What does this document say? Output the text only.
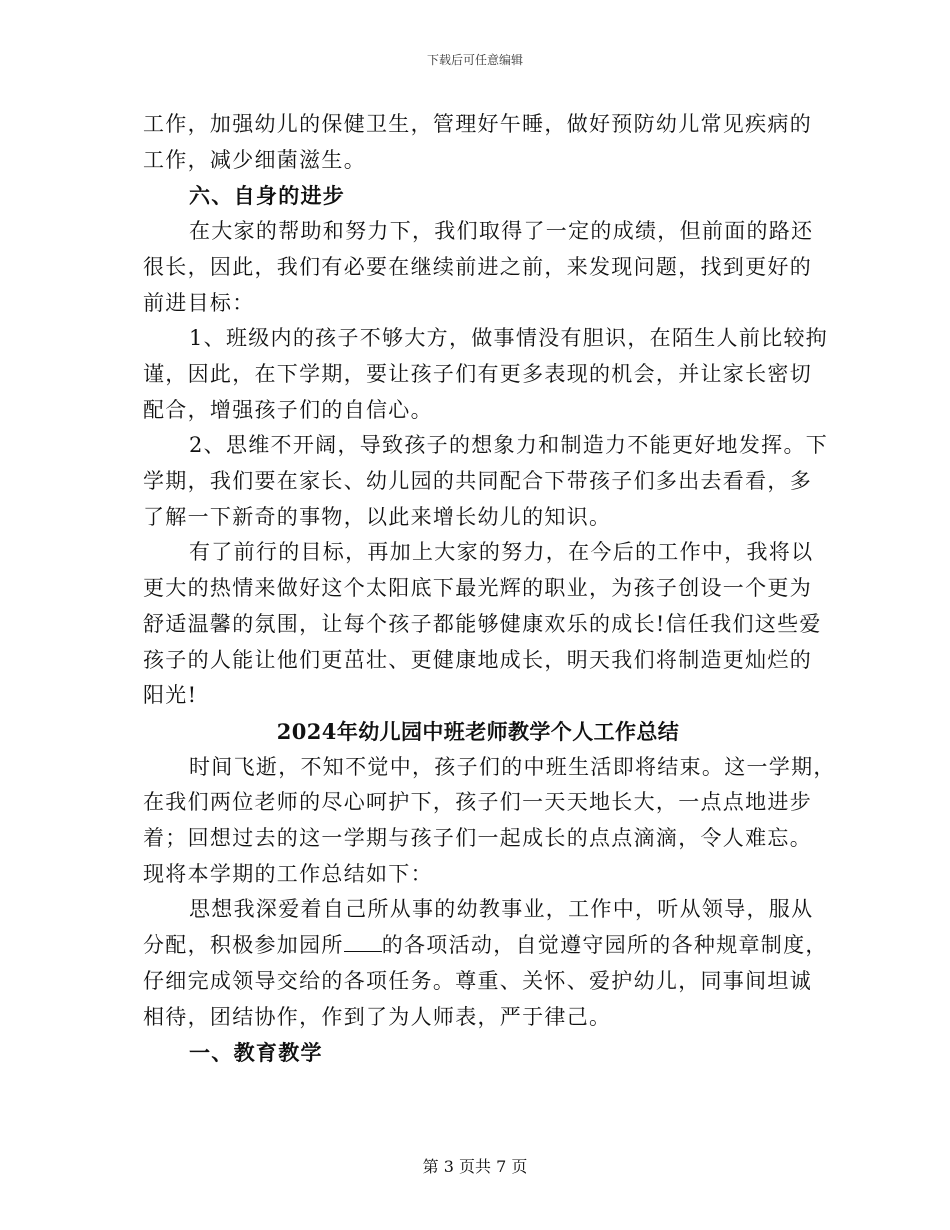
下载后可任意编辑

工作，加强幼儿的保健卫生，管理好午睡，做好预防幼儿常见疾病的
工作，减少细菌滋生。

六、自身的进步

在大家的帮助和努力下，我们取得了一定的成绩，但前面的路还
很长，因此，我们有必要在继续前进之前，来发现问题，找到更好的
前进目标：

1、班级内的孩子不够大方，做事情没有胆识，在陌生人前比较拘
谨，因此，在下学期，要让孩子们有更多表现的机会，并让家长密切
配合，增强孩子们的自信心。

2、思维不开阔，导致孩子的想象力和制造力不能更好地发挥。下
学期，我们要在家长、幼儿园的共同配合下带孩子们多出去看看，多
了解一下新奇的事物，以此来增长幼儿的知识。

有了前行的目标，再加上大家的努力，在今后的工作中，我将以
更大的热情来做好这个太阳底下最光辉的职业，为孩子创设一个更为
舒适温馨的氛围，让每个孩子都能够健康欢乐的成长!信任我们这些爱
孩子的人能让他们更茁壮、更健康地成长，明天我们将制造更灿烂的
阳光!

2024年幼儿园中班老师教学个人工作总结

时间飞逝，不知不觉中，孩子们的中班生活即将结束。这一学期，
在我们两位老师的尽心呵护下，孩子们一天天地长大，一点点地进步
着；回想过去的这一学期与孩子们一起成长的点点滴滴，令人难忘。
现将本学期的工作总结如下：

思想我深爱着自己所从事的幼教事业，工作中，听从领导，服从
分配，积极参加园所 的各项活动，自觉遵守园所的各种规章制度，
仔细完成领导交给的各项任务。尊重、关怀、爱护幼儿，同事间坦诚
相待，团结协作，作到了为人师表，严于律己。

一、教育教学

第 3 页共 7 页
